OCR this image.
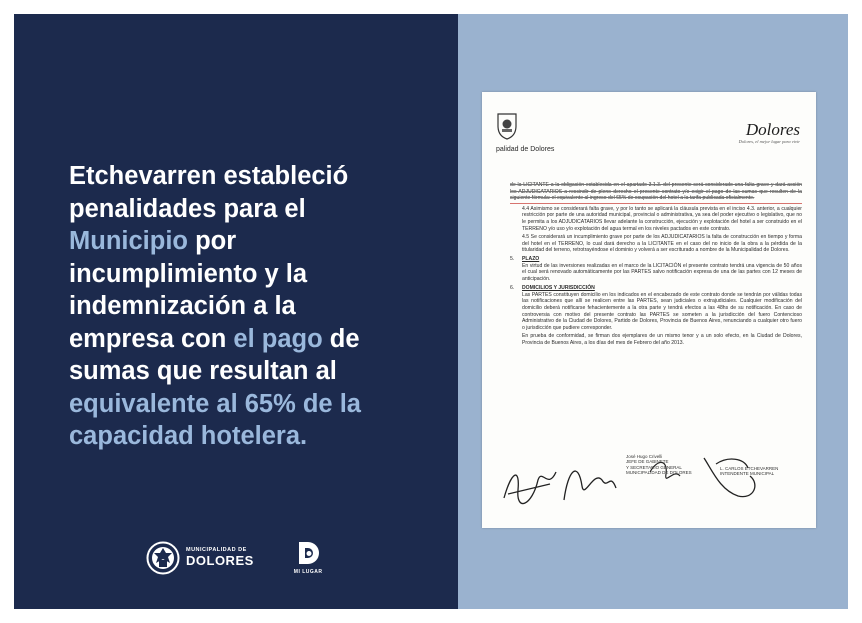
Etchevarren estableció
penalidades para el
Municipio por
incumplimiento y la
indemnización a la
empresa con el pago de
sumas que resultan al
equivalente al 65% de la
capacidad hotelera.
MUNICIPALIDAD DE
DOLORES
MI LUGAR
palidad de Dolores
Dolores
Dolores, el mejor lugar para vivir

de la LICITANTE a la obligación establecida en el apartado 3.1.3. del presente será considerado una falta grave y dará acción los ADJUDICATARIOS a rescindir de pleno derecho el presente contrato y/o exigir el pago de las sumas que resulten de la siguiente fórmula: el equivalente al ingreso del 65% de ocupación del hotel a la tarifa publicada oficialmente.

4.4 Asimismo se considerará falta grave, y por lo tanto se aplicará la cláusula prevista en el inciso 4.3. anterior, a cualquier restricción por parte de una autoridad municipal, provincial o administrativa, ya sea del poder ejecutivo o legislativo, que no le permita a los ADJUDICATARIOS llevar adelante la construcción, ejecución y explotación del hotel a ser construido en el TERRENO y/o uso y/o explotación del agua termal en los niveles pactados en este contrato.

4.5 Se considerará un incumplimiento grave por parte de los ADJUDICATARIOS la falta de construcción en tiempo y forma del hotel en el TERRENO, lo cual dará derecho a la LICITANTE en el caso del no inicio de la obra a la pérdida de la titularidad del terreno, retrotrayéndose el dominio y volverá a ser escriturado a nombre de la Municipalidad de Dolores.

5.	PLAZO

En virtud de las inversiones realizadas en el marco de la LICITACIÓN el presente contrato tendrá una vigencia de 50 años el cual será renovado automáticamente por las PARTES salvo notificación expresa de una de las partes con 12 meses de anticipación.

6.	DOMICILIOS Y JURISDICCIÓN

Las PARTES constituyen domicilio en los indicados en el encabezado de este contrato donde se tendrán por válidas todas las notificaciones que allí se realicen entre las PARTES, sean judiciales o extrajudiciales. Cualquier modificación del domicilio deberá notificarse fehacientemente a la otra parte y tendrá efectos a las 48hs de su notificación. En caso de controversia con motivo del presente contrato las PARTES se someten a la jurisdicción del fuero Contencioso Administrativo de la Ciudad de Dolores, Partido de Dolores, Provincia de Buenos Aires, renunciando a cualquier otro fuero o jurisdicción que pudiere corresponder.

En prueba de conformidad, se firman dos ejemplares de un mismo tenor y a un solo efecto, en la Ciudad de Dolores, Provincia de Buenos Aires, a los días del mes de Febrero del año 2013.

José Hugo Crivelli
JEFE DE GABINETE
Y SECRETARIO GENERAL
MUNICIPALIDAD DE DOLORES
L. CARLOS ETCHEVARREN
INTENDENTE MUNICIPAL
